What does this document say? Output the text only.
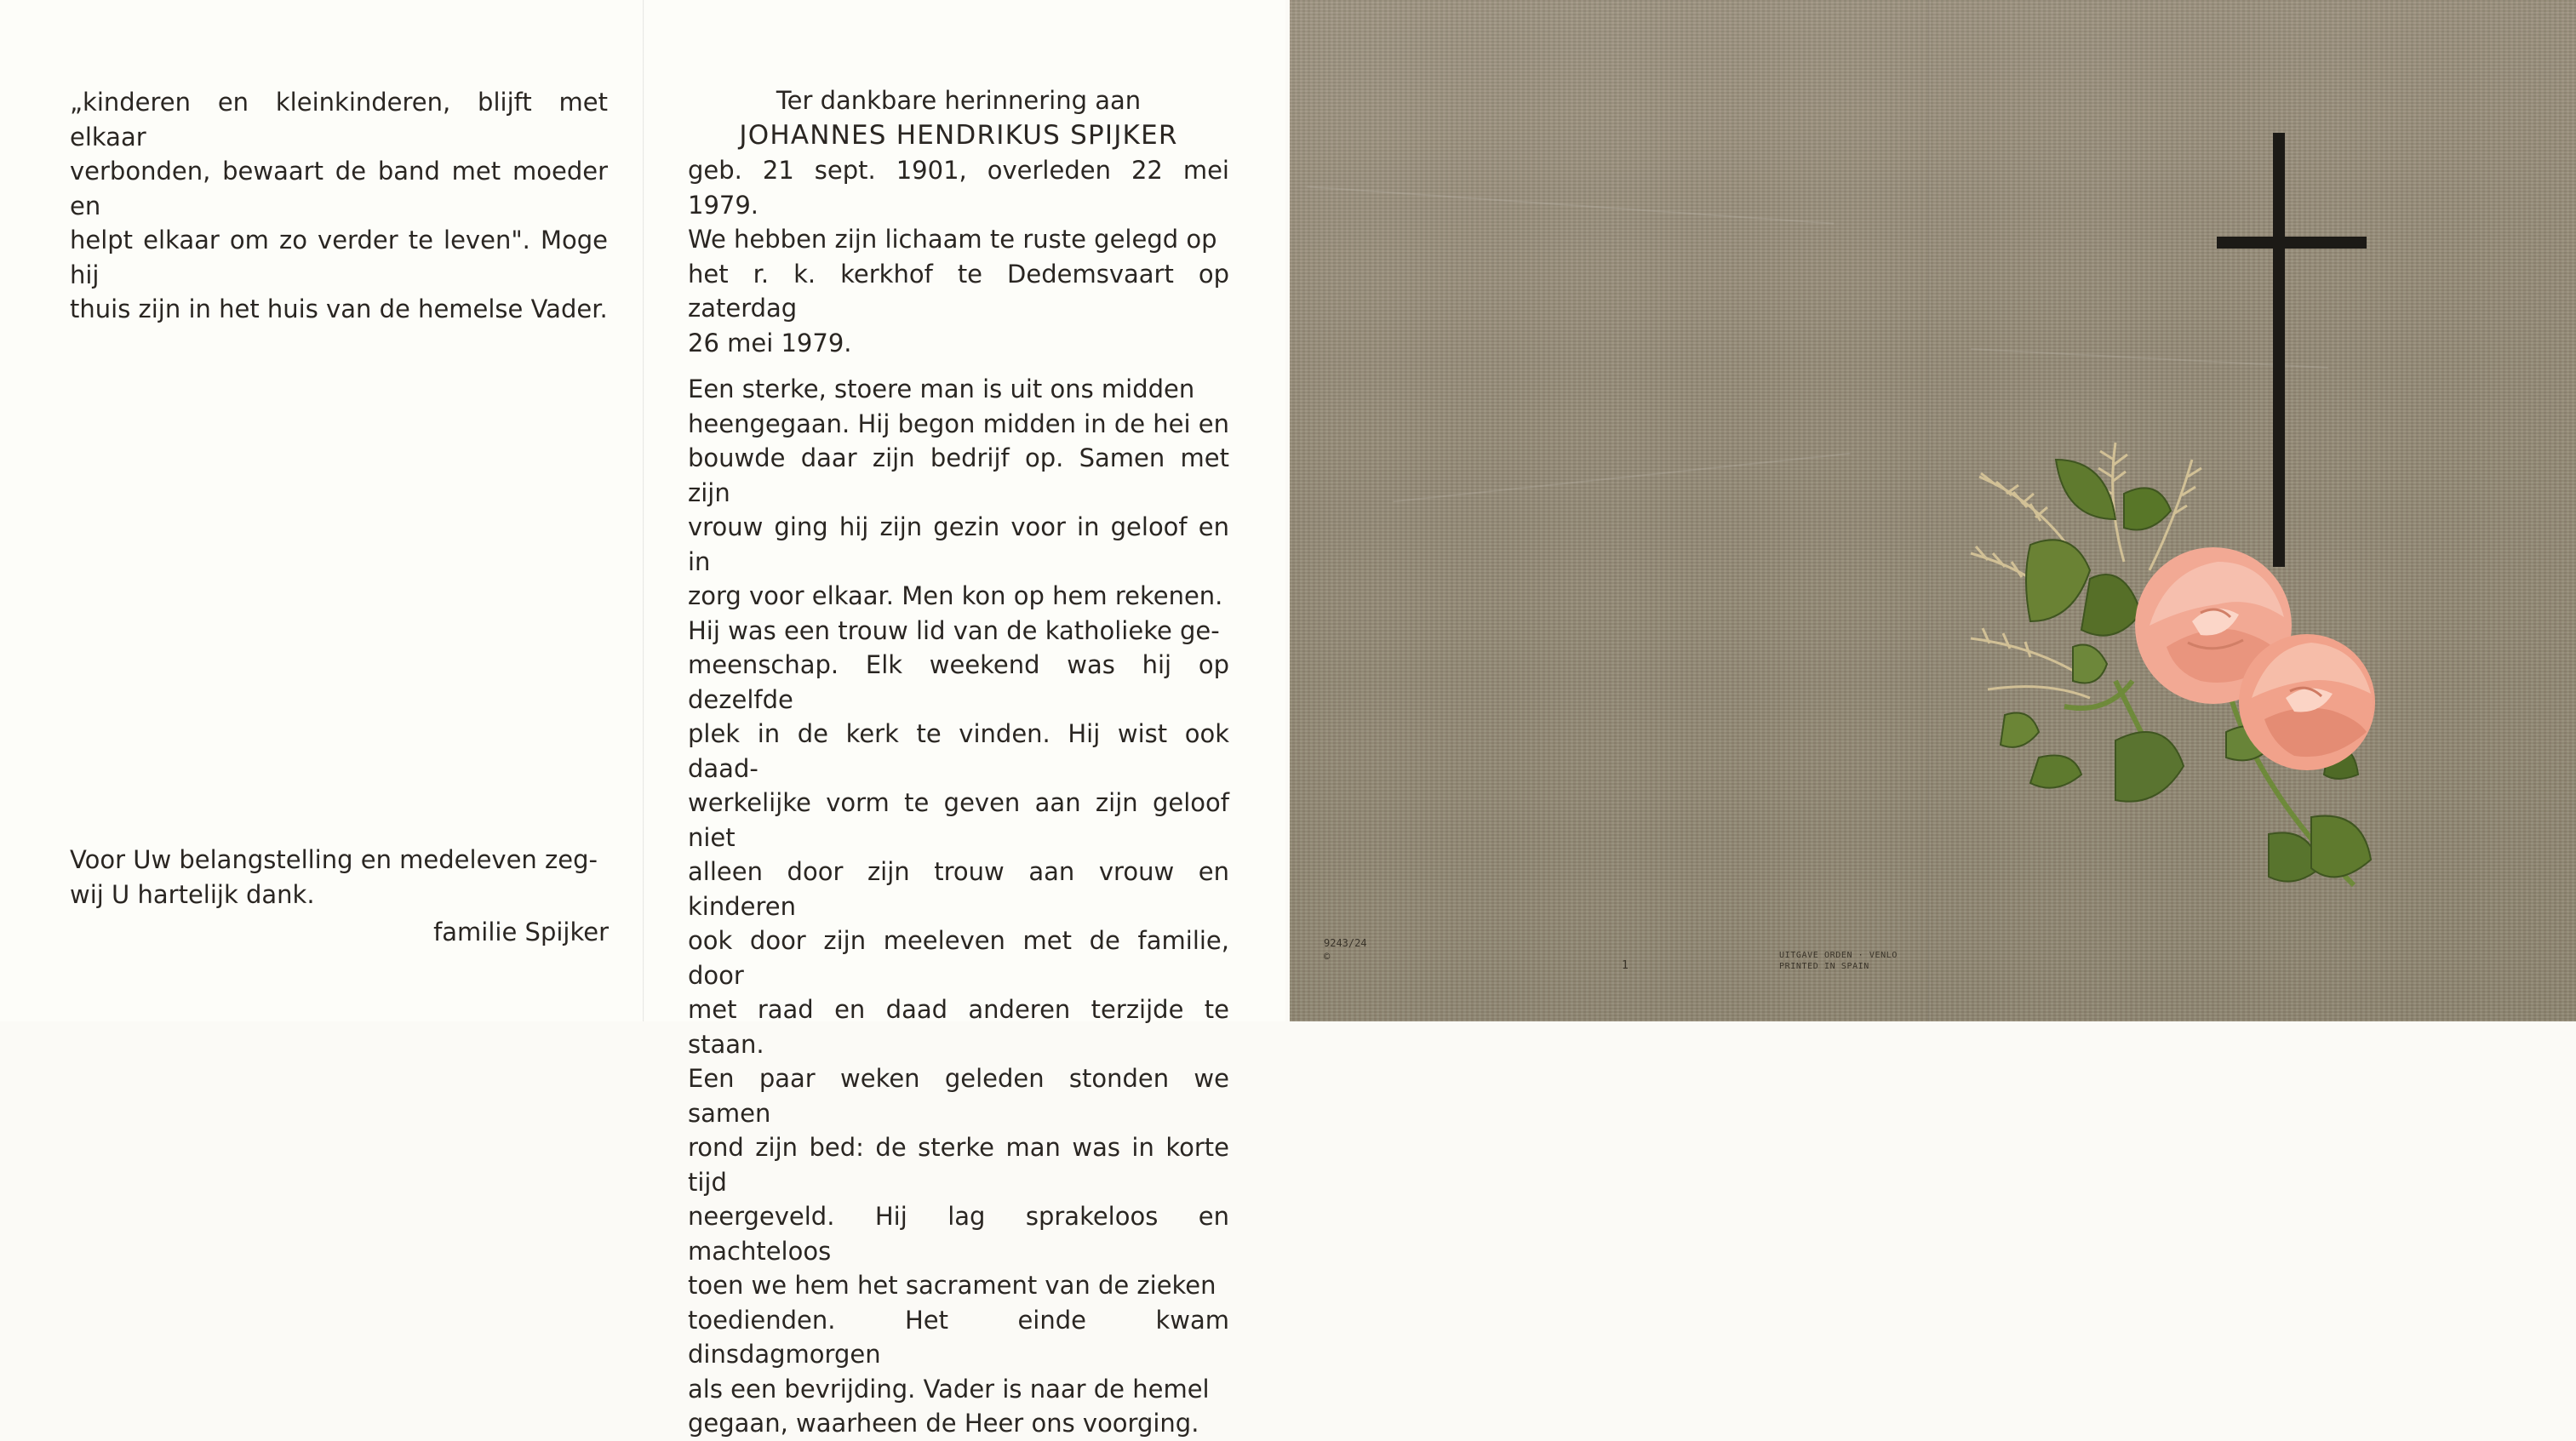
„kinderen en kleinkinderen, blijft met elkaar

verbonden, bewaart de band met moeder en

helpt elkaar om zo verder te leven". Moge hij

thuis zijn in het huis van de hemelse Vader.

Voor Uw belangstelling en medeleven zeg-

wij U hartelijk dank.

familie Spijker
Ter dankbare herinnering aan
JOHANNES HENDRIKUS SPIJKER

geb. 21 sept. 1901, overleden 22 mei 1979.

We hebben zijn lichaam te ruste gelegd op

het r. k. kerkhof te Dedemsvaart op zaterdag

26 mei 1979.

Een sterke, stoere man is uit ons midden

heengegaan. Hij begon midden in de hei en

bouwde daar zijn bedrijf op. Samen met zijn

vrouw ging hij zijn gezin voor in geloof en in

zorg voor elkaar. Men kon op hem rekenen.

Hij was een trouw lid van de katholieke ge-

meenschap. Elk weekend was hij op dezelfde

plek in de kerk te vinden. Hij wist ook daad-

werkelijke vorm te geven aan zijn geloof niet

alleen door zijn trouw aan vrouw en kinderen

ook door zijn meeleven met de familie, door

met raad en daad anderen terzijde te staan.

Een paar weken geleden stonden we samen

rond zijn bed: de sterke man was in korte tijd

neergeveld. Hij lag sprakeloos en machteloos

toen we hem het sacrament van de zieken

toedienden. Het einde kwam dinsdagmorgen

als een bevrijding. Vader is naar de hemel

gegaan, waarheen de Heer ons voorging.

9243/24
©
1
UITGAVE ORDEN · VENLO
PRINTED IN SPAIN
